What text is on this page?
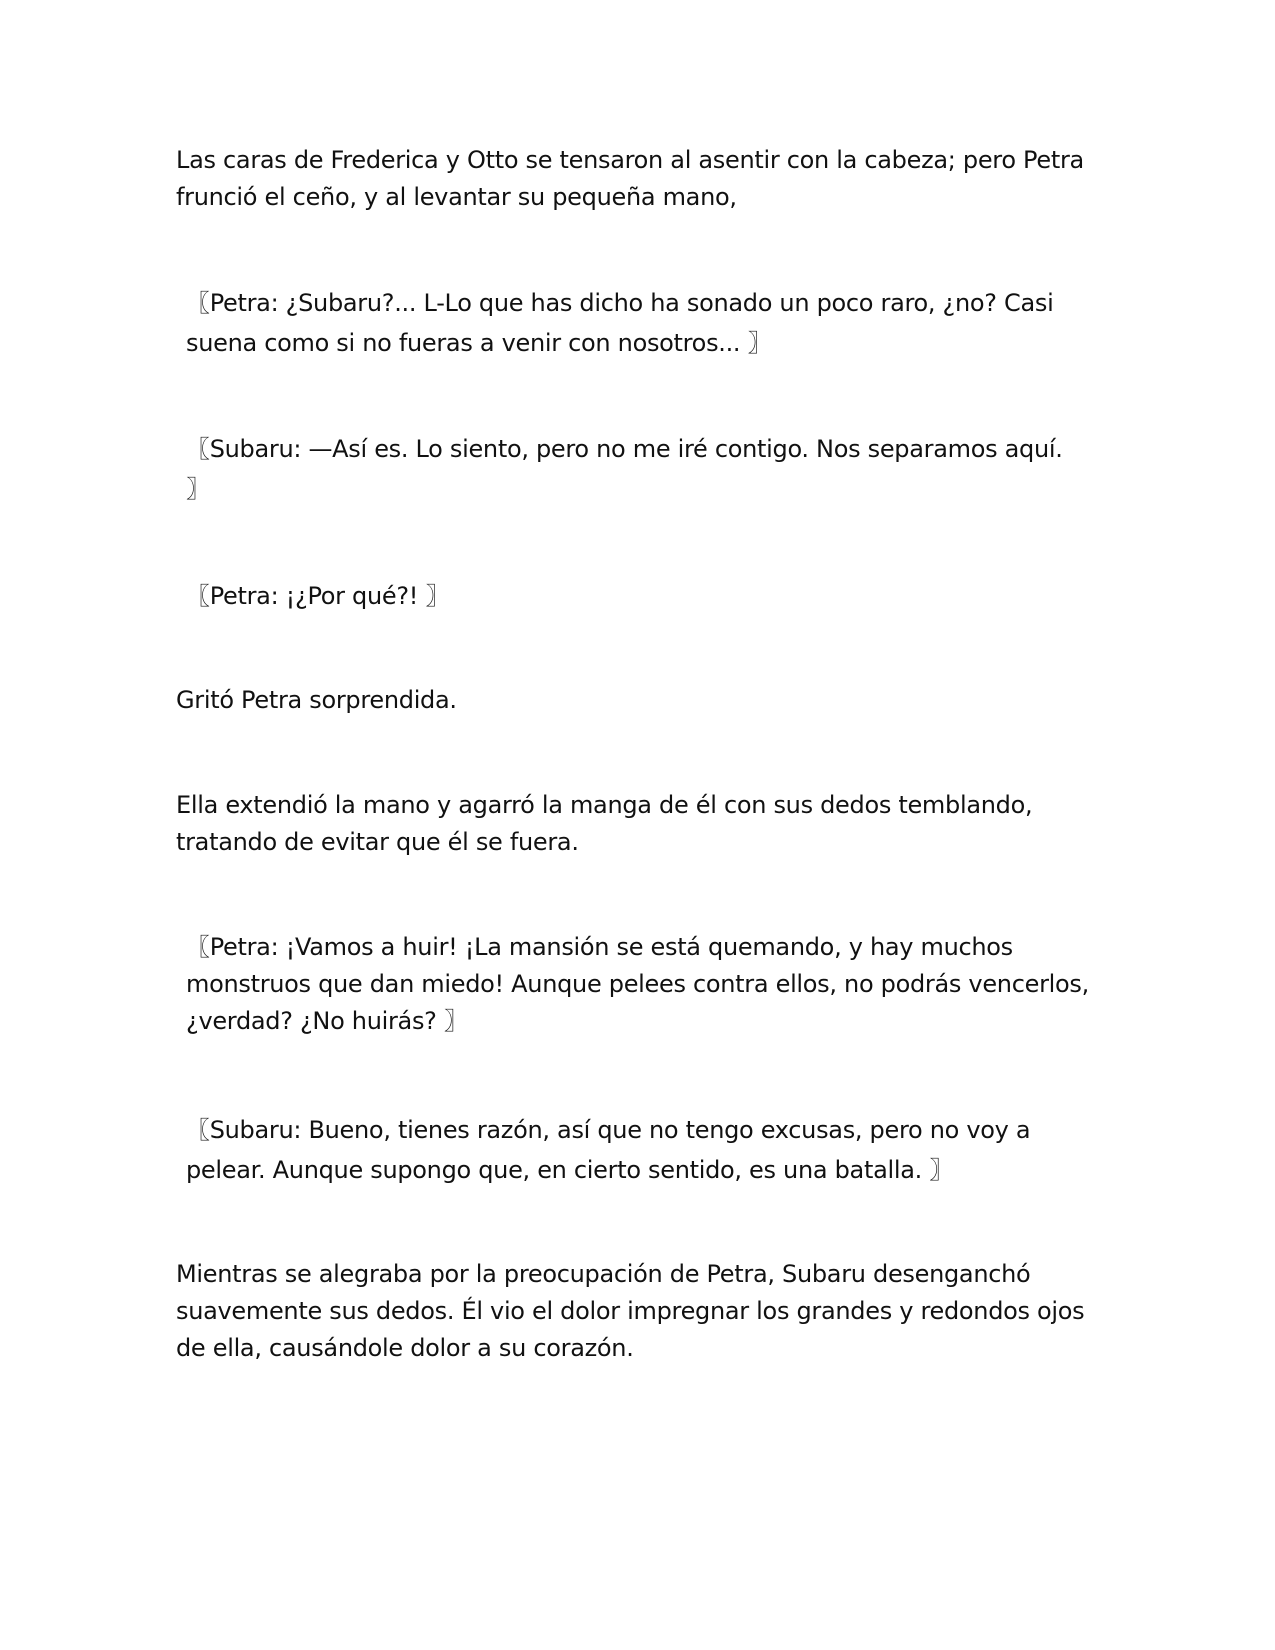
Las caras de Frederica y Otto se tensaron al asentir con la cabeza; pero Petra
frunció el ceño, y al levantar su pequeña mano,

〖Petra: ¿Subaru?... L-Lo que has dicho ha sonado un poco raro, ¿no? Casi
suena como si no fueras a venir con nosotros... 〗

〖Subaru: —Así es. Lo siento, pero no me iré contigo. Nos separamos aquí.
〗

〖Petra: ¡¿Por qué?! 〗

Gritó Petra sorprendida.

Ella extendió la mano y agarró la manga de él con sus dedos temblando,
tratando de evitar que él se fuera.

〖Petra: ¡Vamos a huir! ¡La mansión se está quemando, y hay muchos
monstruos que dan miedo! Aunque pelees contra ellos, no podrás vencerlos,
¿verdad? ¿No huirás? 〗

〖Subaru: Bueno, tienes razón, así que no tengo excusas, pero no voy a
pelear. Aunque supongo que, en cierto sentido, es una batalla. 〗

Mientras se alegraba por la preocupación de Petra, Subaru desenganchó
suavemente sus dedos. Él vio el dolor impregnar los grandes y redondos ojos
de ella, causándole dolor a su corazón.
